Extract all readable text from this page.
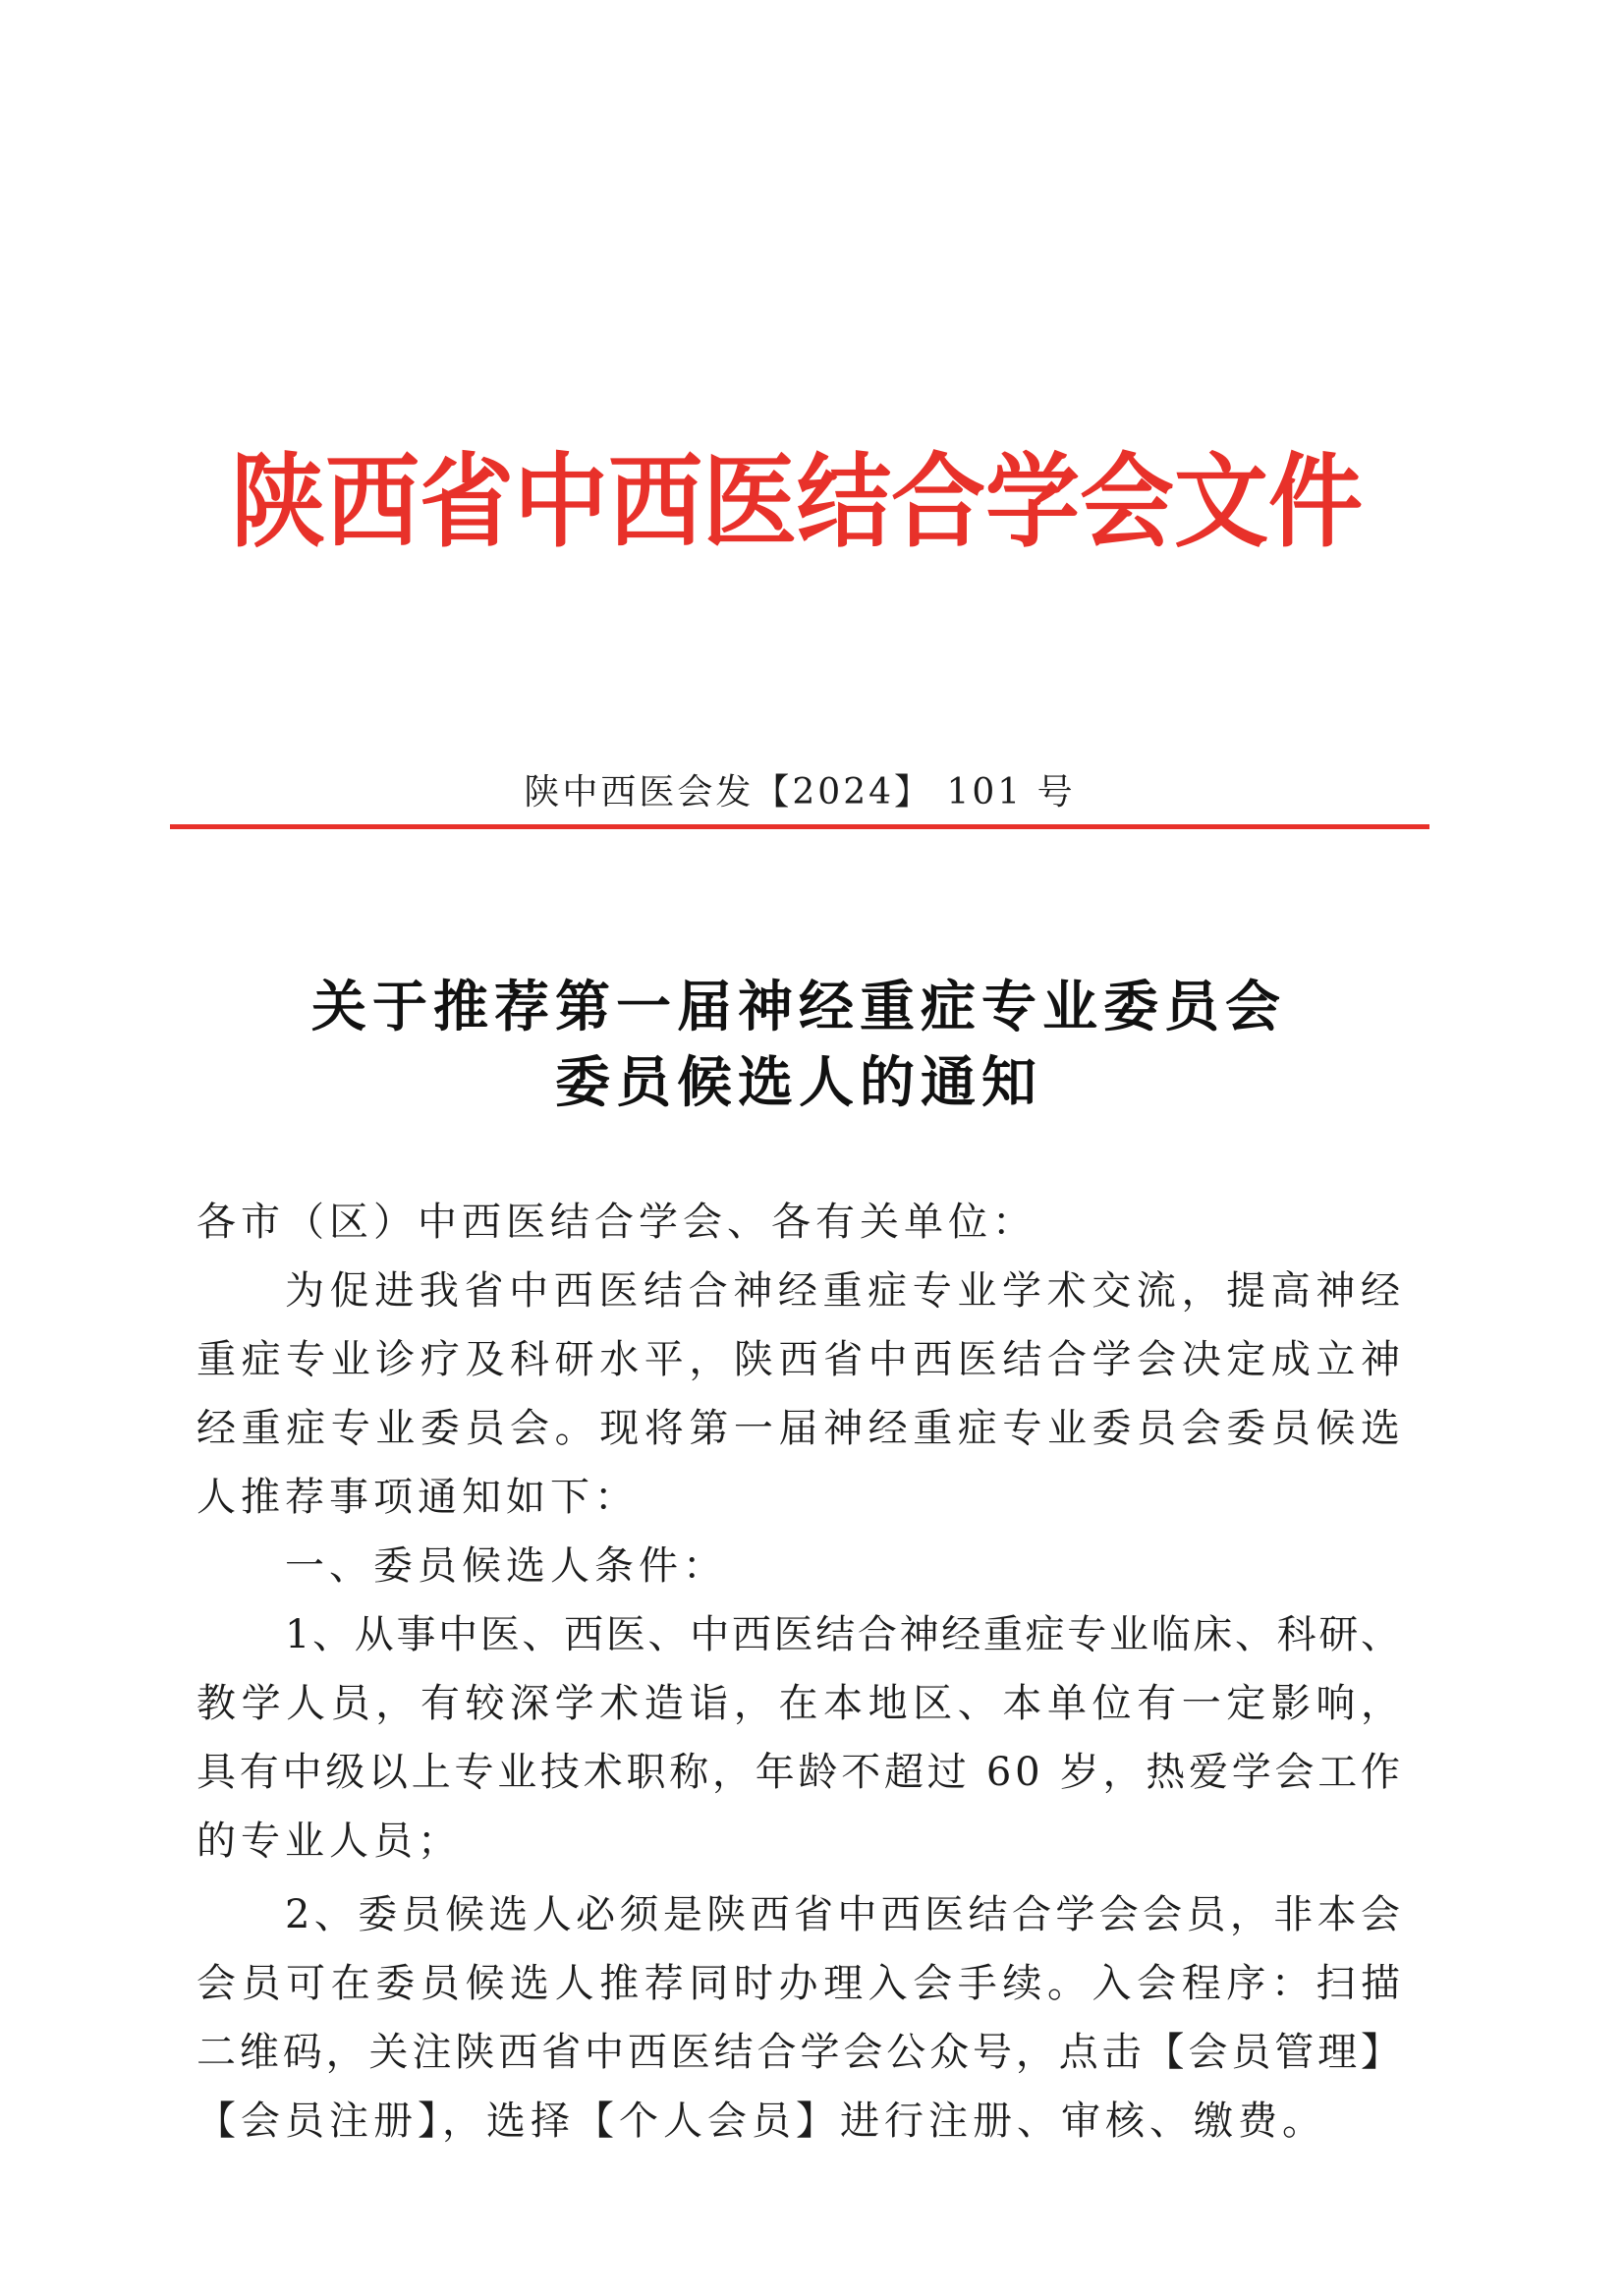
陕西省中西医结合学会文件
陕中西医会发【2024】 101 号
关于推荐第一届神经重症专业委员会
委员候选人的通知
各市（区）中西医结合学会、各有关单位：
为促进我省中西医结合神经重症专业学术交流，提高神经
重症专业诊疗及科研水平，陕西省中西医结合学会决定成立神
经重症专业委员会。现将第一届神经重症专业委员会委员候选
人推荐事项通知如下：
一、委员候选人条件：
1、从事中医、西医、中西医结合神经重症专业临床、科研、
教学人员，有较深学术造诣，在本地区、本单位有一定影响，
具有中级以上专业技术职称，年龄不超过 60 岁，热爱学会工作
的专业人员；
2、委员候选人必须是陕西省中西医结合学会会员，非本会
会员可在委员候选人推荐同时办理入会手续。入会程序：扫描
二维码，关注陕西省中西医结合学会公众号，点击【会员管理】
【会员注册】，选择【个人会员】进行注册、审核、缴费。
